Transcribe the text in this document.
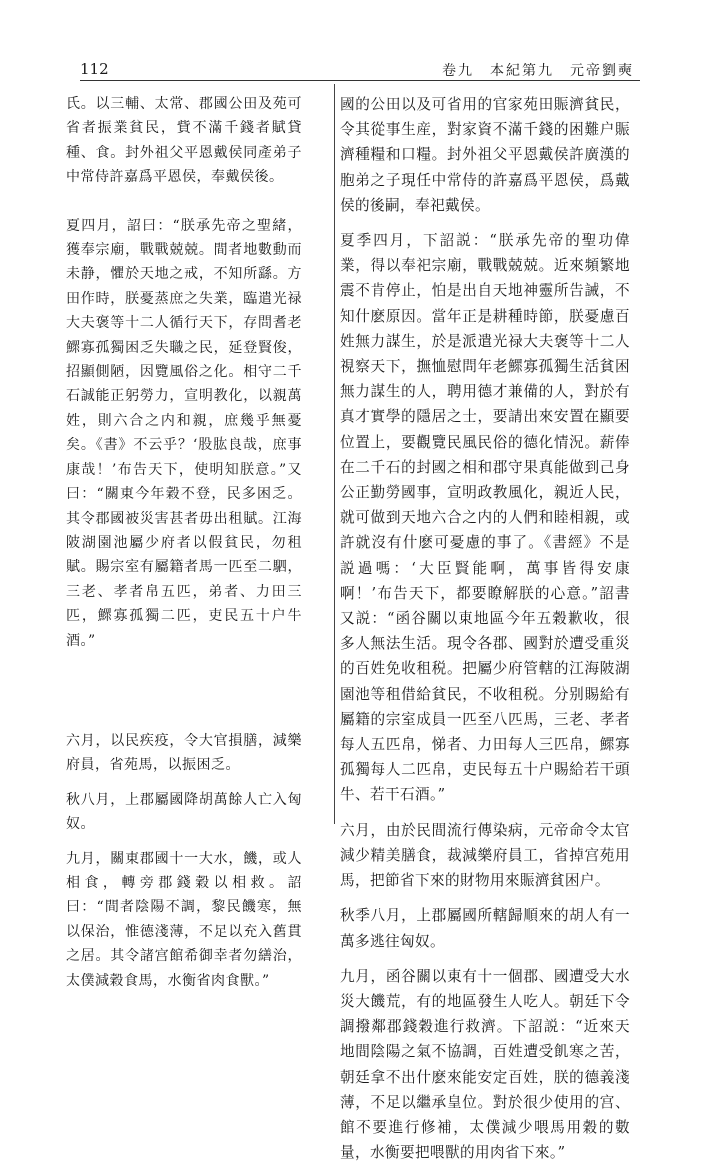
112	卷九　本紀第九　元帝劉奭

氏。以三輔、太常、郡國公田及苑可省者振業貧民，貲不滿千錢者賦貸種、食。封外祖父平恩戴侯同產弟子中常侍許嘉爲平恩侯，奉戴侯後。

夏四月，詔曰：“朕承先帝之聖緒，獲奉宗廟，戰戰兢兢。間者地數動而未静，懼於天地之戒，不知所繇。方田作時，朕憂蒸庶之失業，臨遣光禄大夫褒等十二人循行天下，存問耆老鰥寡孤獨困乏失職之民，延登賢俊，招顯側陋，因覽風俗之化。相守二千石誠能正躬勞力，宣明教化，以親萬姓，則六合之内和親，庶幾乎無憂矣。《書》不云乎？‘股肱良哉，庶事康哉！’布告天下，使明知朕意。”又曰：“關東今年穀不登，民多困乏。其令郡國被災害甚者毋出租賦。江海陂湖園池屬少府者以假貧民，勿租賦。賜宗室有屬籍者馬一匹至二駟，三老、孝者帛五匹，弟者、力田三匹，鰥寡孤獨二匹，吏民五十户牛酒。”

六月，以民疾疫，令大官損膳，減樂府員，省苑馬，以振困乏。

秋八月，上郡屬國降胡萬餘人亡入匈奴。

九月，關東郡國十一大水，饑，或人相食，轉旁郡錢穀以相救。詔曰：“間者陰陽不調，黎民饑寒，無以保治，惟德淺薄，不足以充入舊貫之居。其令諸宫館希御幸者勿繕治，太僕減穀食馬，水衡省肉食獸。”

國的公田以及可省用的官家苑田賑濟貧民，令其從事生産，對家資不滿千錢的困難户賑濟種糧和口糧。封外祖父平恩戴侯許廣漢的胞弟之子現任中常侍的許嘉爲平恩侯，爲戴侯的後嗣，奉祀戴侯。

夏季四月，下詔説：“朕承先帝的聖功偉業，得以奉祀宗廟，戰戰兢兢。近來頻繁地震不肯停止，怕是出自天地神靈所告誡，不知什麽原因。當年正是耕種時節，朕憂慮百姓無力謀生，於是派遣光禄大夫褒等十二人視察天下，撫恤慰問年老鰥寡孤獨生活貧困無力謀生的人，聘用德才兼備的人，對於有真才實學的隱居之士，要請出來安置在顯要位置上，要觀覽民風民俗的德化情況。薪俸在二千石的封國之相和郡守果真能做到己身公正勤勞國事，宣明政教風化，親近人民，就可做到天地六合之内的人們和睦相親，或許就沒有什麽可憂慮的事了。《書經》不是説過嗎：‘大臣賢能啊，萬事皆得安康啊！’布告天下，都要瞭解朕的心意。”詔書又説：“函谷關以東地區今年五穀歉收，很多人無法生活。現令各郡、國對於遭受重災的百姓免收租税。把屬少府管轄的江海陂湖園池等租借給貧民，不收租税。分别賜給有屬籍的宗室成員一匹至八匹馬，三老、孝者每人五匹帛，悌者、力田每人三匹帛，鰥寡孤獨每人二匹帛，吏民每五十户賜給若干頭牛、若干石酒。”

六月，由於民間流行傳染病，元帝命令太官減少精美膳食，裁減樂府員工，省掉宫苑用馬，把節省下來的財物用來賑濟貧困户。

秋季八月，上郡屬國所轄歸順來的胡人有一萬多逃往匈奴。

九月，函谷關以東有十一個郡、國遭受大水災大饑荒，有的地區發生人吃人。朝廷下令調撥鄰郡錢穀進行救濟。下詔説：“近來天地間陰陽之氣不協調，百姓遭受飢寒之苦，朝廷拿不出什麽來能安定百姓，朕的德義淺薄，不足以繼承皇位。對於很少使用的宫、館不要進行修補，太僕減少喂馬用穀的數量，水衡要把喂獸的用肉省下來。”
